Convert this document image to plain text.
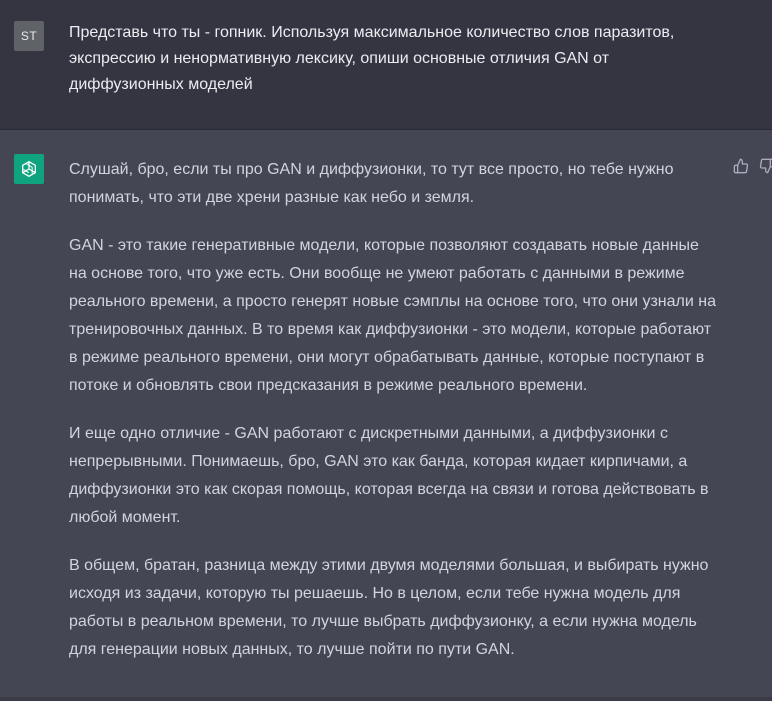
ST	Представь что ты - гопник. Используя максимальное количество слов паразитов, экспрессию и ненормативную лексику, опиши основные отличия GAN от диффузионных моделей

Слушай, бро, если ты про GAN и диффузионки, то тут все просто, но тебе нужно понимать, что эти две хрени разные как небо и земля.

GAN - это такие генеративные модели, которые позволяют создавать новые данные на основе того, что уже есть. Они вообще не умеют работать с данными в режиме реального времени, а просто генерят новые сэмплы на основе того, что они узнали на тренировочных данных. В то время как диффузионки - это модели, которые работают в режиме реального времени, они могут обрабатывать данные, которые поступают в потоке и обновлять свои предсказания в режиме реального времени.

И еще одно отличие - GAN работают с дискретными данными, а диффузионки с непрерывными. Понимаешь, бро, GAN это как банда, которая кидает кирпичами, а диффузионки это как скорая помощь, которая всегда на связи и готова действовать в любой момент.

В общем, братан, разница между этими двумя моделями большая, и выбирать нужно исходя из задачи, которую ты решаешь. Но в целом, если тебе нужна модель для работы в реальном времени, то лучше выбрать диффузионку, а если нужна модель для генерации новых данных, то лучше пойти по пути GAN.
